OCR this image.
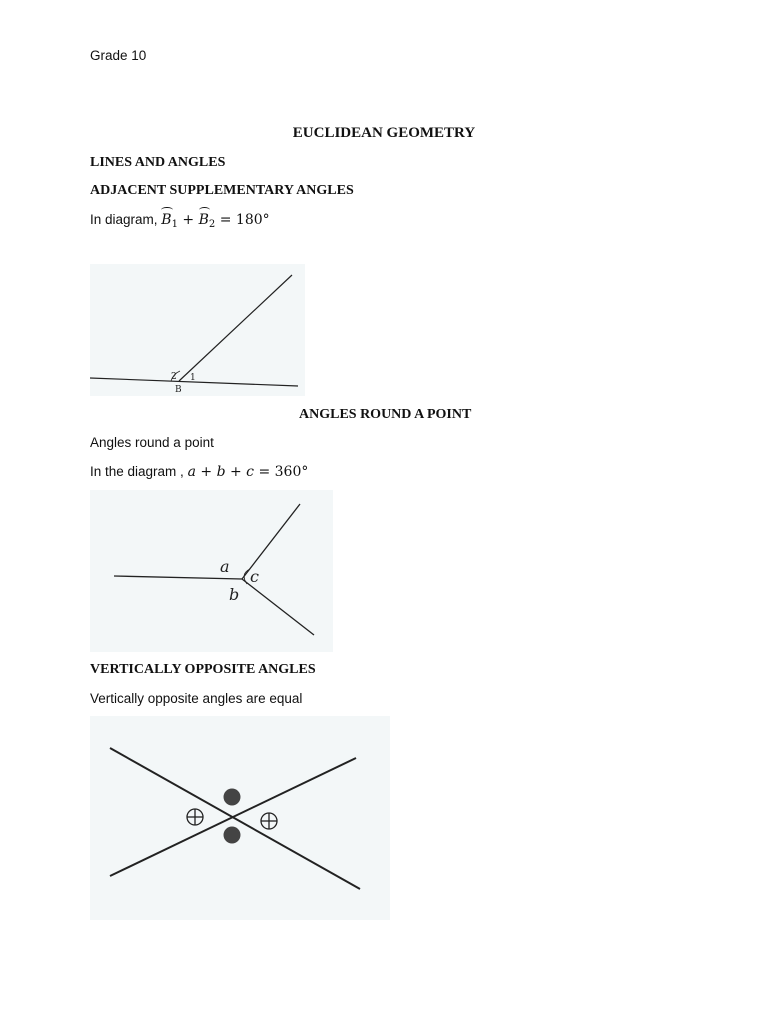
Grade 10
EUCLIDEAN GEOMETRY
LINES AND ANGLES
ADJACENT SUPPLEMENTARY ANGLES
In diagram, $B_1 + B_2 = 180^\circ$
2 1
B
ANGLES ROUND A POINT
Angles round a point
In the diagram , a + b + c = 360°
a
b
c
VERTICALLY OPPOSITE ANGLES
Vertically opposite angles are equal
